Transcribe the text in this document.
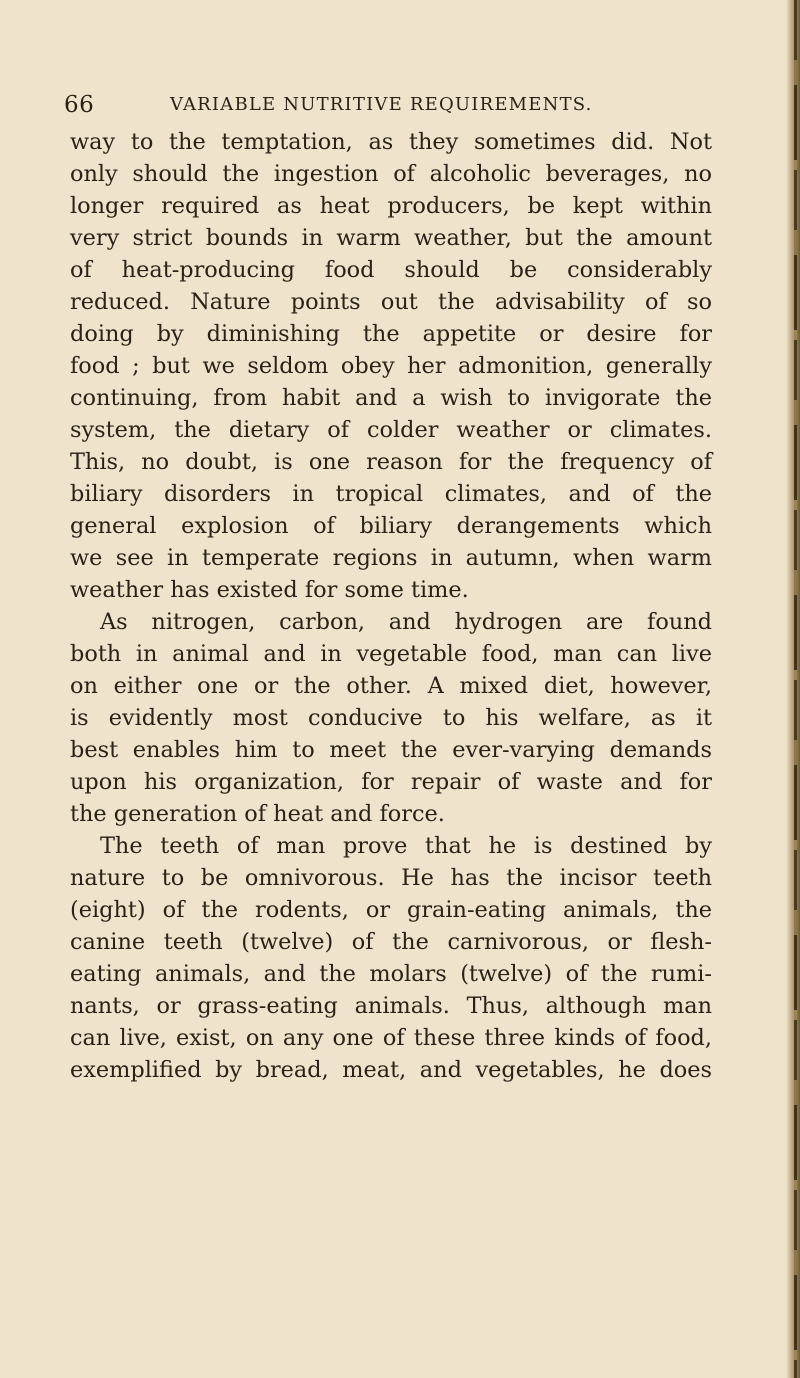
66	VARIABLE NUTRITIVE REQUIREMENTS.
way to the temptation, as they sometimes did. Not
only should the ingestion of alcoholic beverages, no
longer required as heat producers, be kept within
very strict bounds in warm weather, but the amount
of heat-producing food should be considerably
reduced. Nature points out the advisability of so
doing by diminishing the appetite or desire for
food ; but we seldom obey her admonition, generally
continuing, from habit and a wish to invigorate the
system, the dietary of colder weather or climates.
This, no doubt, is one reason for the frequency of
biliary disorders in tropical climates, and of the
general explosion of biliary derangements which
we see in temperate regions in autumn, when warm
weather has existed for some time.
As nitrogen, carbon, and hydrogen are found
both in animal and in vegetable food, man can live
on either one or the other. A mixed diet, however,
is evidently most conducive to his welfare, as it
best enables him to meet the ever-varying demands
upon his organization, for repair of waste and for
the generation of heat and force.
The teeth of man prove that he is destined by
nature to be omnivorous. He has the incisor teeth
(eight) of the rodents, or grain-eating animals, the
canine teeth (twelve) of the carnivorous, or flesh-
eating animals, and the molars (twelve) of the rumi-
nants, or grass-eating animals. Thus, although man
can live, exist, on any one of these three kinds of food,
exemplified by bread, meat, and vegetables, he does
